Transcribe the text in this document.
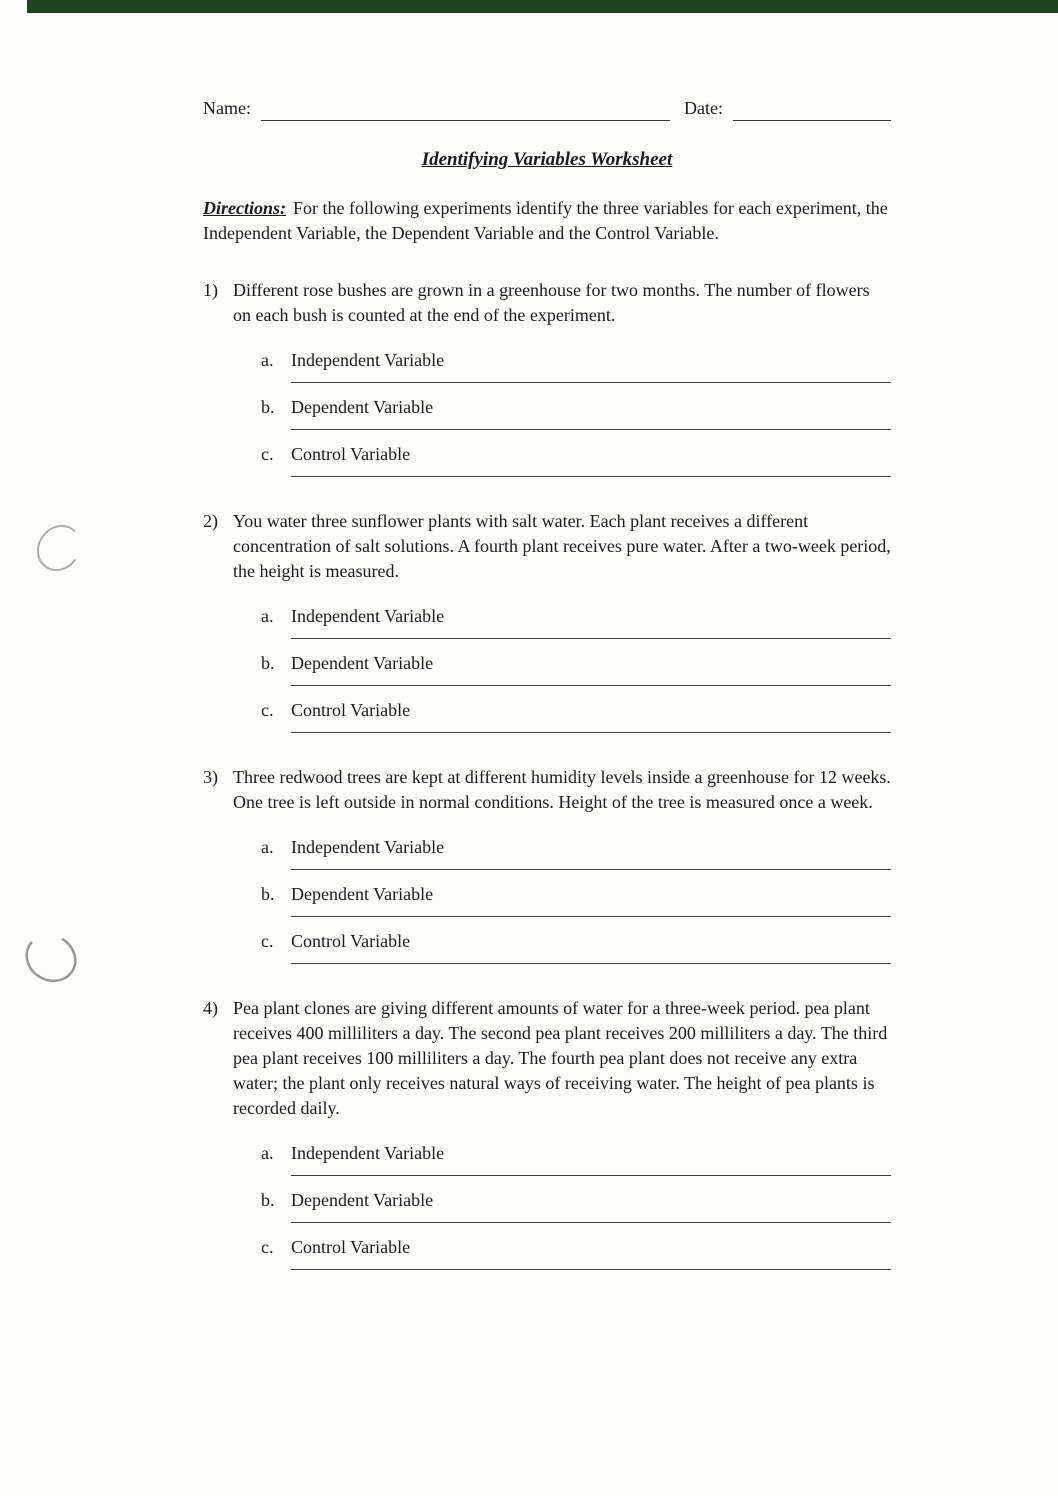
Name:	Date:
Identifying Variables Worksheet

Directions: For the following experiments identify the three variables for each experiment, the Independent Variable, the Dependent Variable and the Control Variable.

1) Different rose bushes are grown in a greenhouse for two months. The number of flowers on each bush is counted at the end of the experiment.

a. Independent Variable
b. Dependent Variable
c. Control Variable
2) You water three sunflower plants with salt water. Each plant receives a different concentration of salt solutions. A fourth plant receives pure water. After a two-week period, the height is measured.

a. Independent Variable
b. Dependent Variable
c. Control Variable
3) Three redwood trees are kept at different humidity levels inside a greenhouse for 12 weeks. One tree is left outside in normal conditions. Height of the tree is measured once a week.

a. Independent Variable
b. Dependent Variable
c. Control Variable
4) Pea plant clones are giving different amounts of water for a three-week period. pea plant receives 400 milliliters a day. The second pea plant receives 200 milliliters a day. The third pea plant receives 100 milliliters a day. The fourth pea plant does not receive any extra water; the plant only receives natural ways of receiving water. The height of pea plants is recorded daily.

a. Independent Variable
b. Dependent Variable
c. Control Variable
